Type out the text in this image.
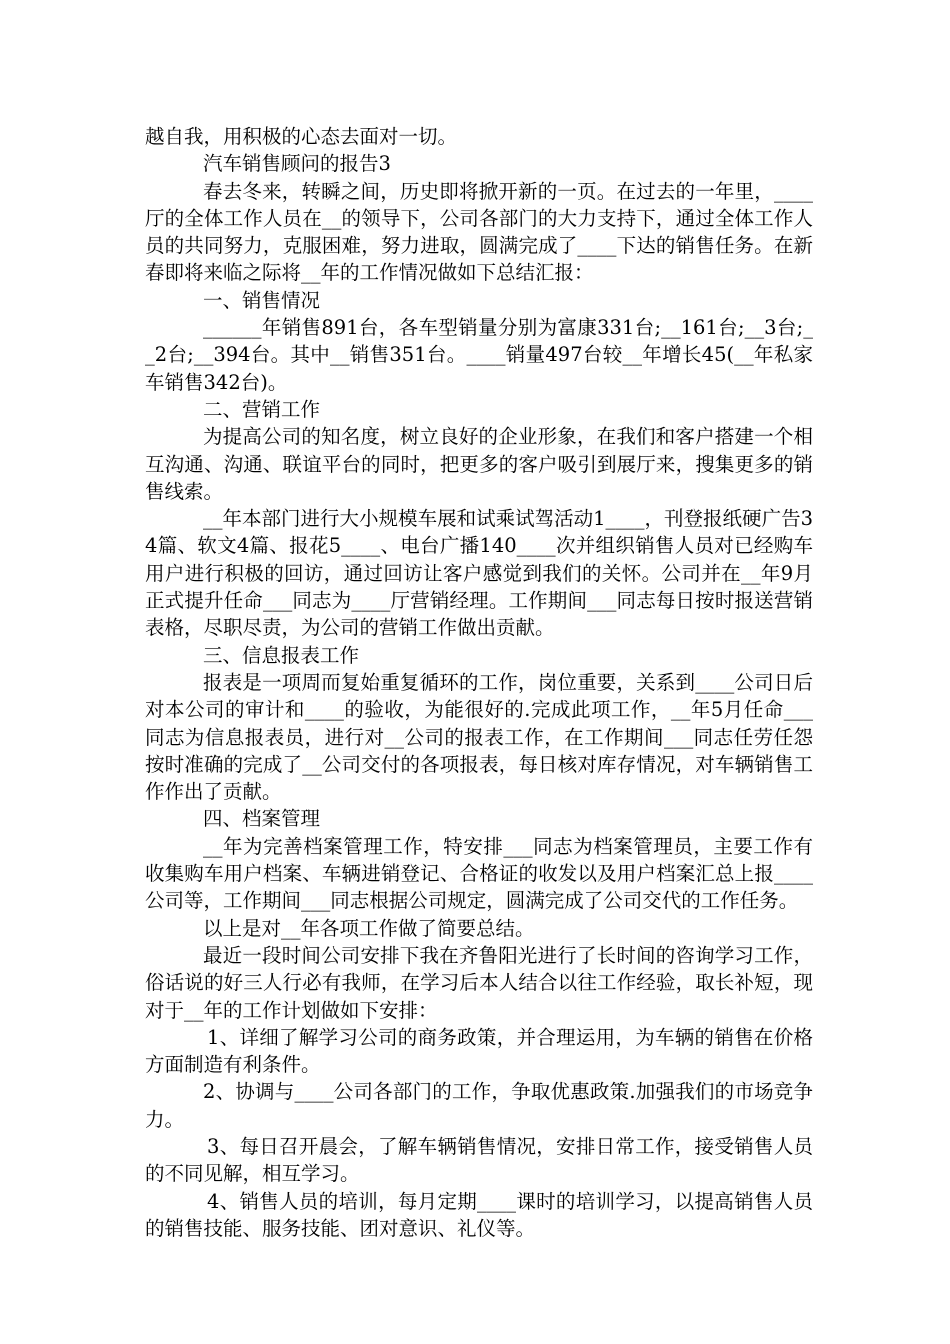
越自我，用积极的心态去面对一切。

汽车销售顾问的报告3

春去冬来，转瞬之间，历史即将掀开新的一页。在过去的一年里，____厅的全体工作人员在__的领导下，公司各部门的大力支持下，通过全体工作人员的共同努力，克服困难，努力进取，圆满完成了____下达的销售任务。在新春即将来临之际将__年的工作情况做如下总结汇报：

一、销售情况

______年销售891台，各车型销量分别为富康331台;__161台;__3台;__2台;__394台。其中__销售351台。____销量497台较__年增长45(__年私家车销售342台)。

二、营销工作

为提高公司的知名度，树立良好的企业形象，在我们和客户搭建一个相互沟通、沟通、联谊平台的同时，把更多的客户吸引到展厅来，搜集更多的销售线索。

__年本部门进行大小规模车展和试乘试驾活动1____，刊登报纸硬广告34篇、软文4篇、报花5____、电台广播140____次并组织销售人员对已经购车用户进行积极的回访，通过回访让客户感觉到我们的关怀。公司并在__年9月正式提升任命___同志为____厅营销经理。工作期间___同志每日按时报送营销表格，尽职尽责，为公司的营销工作做出贡献。

三、信息报表工作

报表是一项周而复始重复循环的工作，岗位重要，关系到____公司日后对本公司的审计和____的验收，为能很好的.完成此项工作，__年5月任命___同志为信息报表员，进行对__公司的报表工作，在工作期间___同志任劳任怨按时准确的完成了__公司交付的各项报表，每日核对库存情况，对车辆销售工作作出了贡献。

四、档案管理

__年为完善档案管理工作，特安排___同志为档案管理员，主要工作有收集购车用户档案、车辆进销登记、合格证的收发以及用户档案汇总上报____公司等，工作期间___同志根据公司规定，圆满完成了公司交代的工作任务。

以上是对__年各项工作做了简要总结。

最近一段时间公司安排下我在齐鲁阳光进行了长时间的咨询学习工作，俗话说的好三人行必有我师，在学习后本人结合以往工作经验，取长补短，现对于__年的工作计划做如下安排：

1、详细了解学习公司的商务政策，并合理运用，为车辆的销售在价格方面制造有利条件。

2、协调与____公司各部门的工作，争取优惠政策.加强我们的市场竞争力。

3、每日召开晨会，了解车辆销售情况，安排日常工作，接受销售人员的不同见解，相互学习。

4、销售人员的培训，每月定期____课时的培训学习，以提高销售人员的销售技能、服务技能、团对意识、礼仪等。
